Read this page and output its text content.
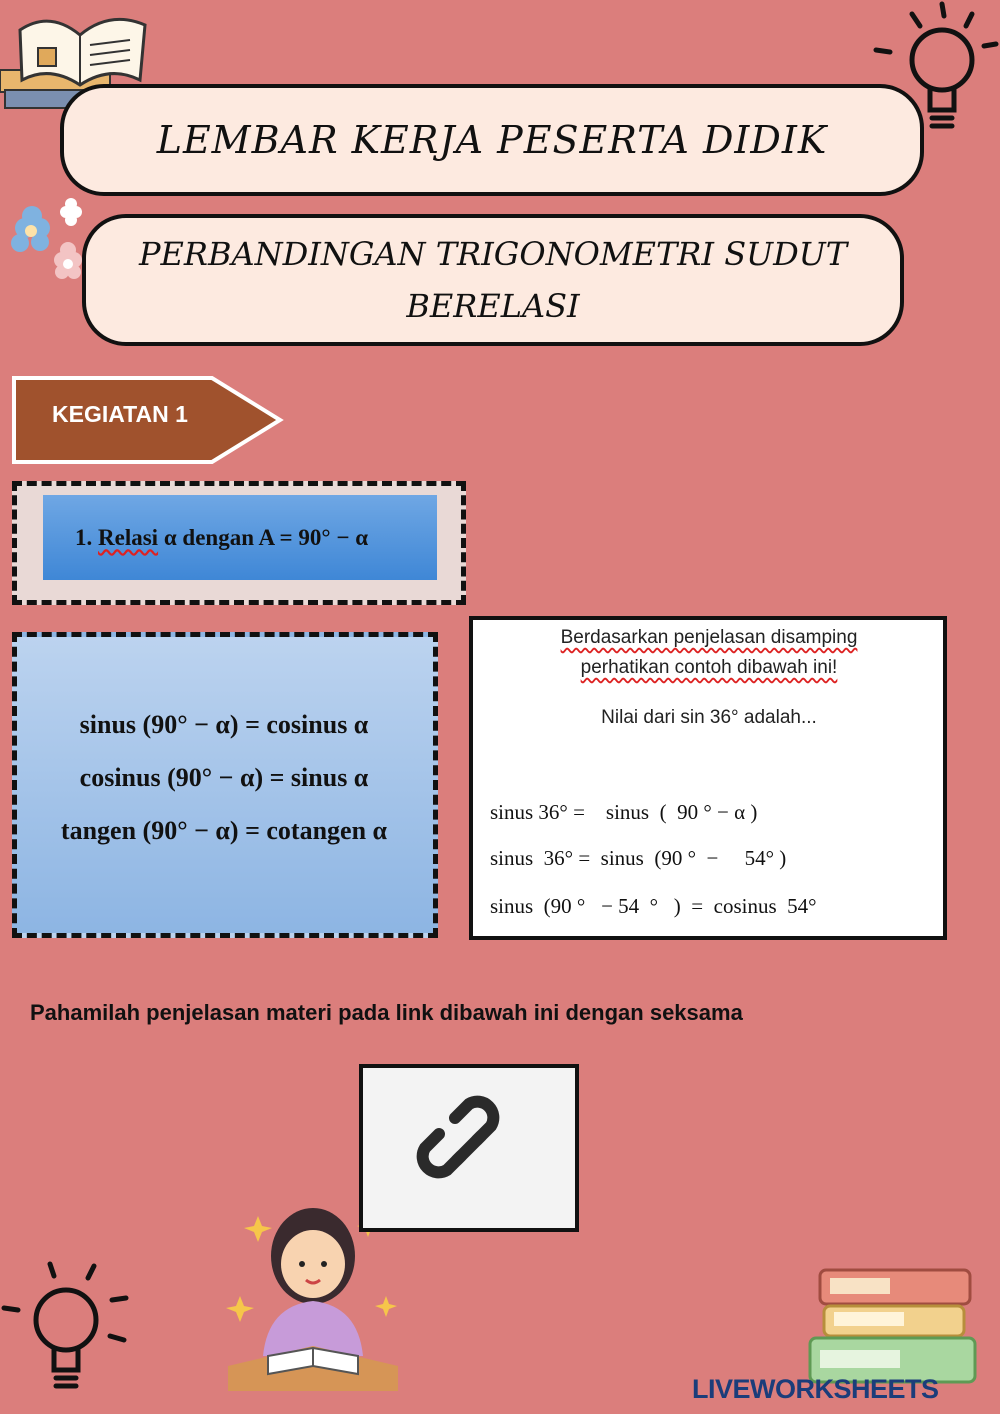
LEMBAR KERJA PESERTA DIDIK
PERBANDINGAN TRIGONOMETRI SUDUT
BERELASI
KEGIATAN 1
1. Relasi α dengan A = 90° − α
sinus (90° − α) = cosinus α
cosinus (90° − α) = sinus α
tangen (90° − α) = cotangen α
Berdasarkan penjelasan disamping
perhatikan contoh dibawah ini!
Nilai dari sin 36° adalah...
sinus 36° =    sinus  (  90 ° − α )
sinus  36° =  sinus  (90 °  −     54° )
sinus  (90 °   − 54  °   )  =  cosinus  54°
Pahamilah penjelasan materi pada link dibawah ini dengan seksama
LIVEWORKSHEETS
